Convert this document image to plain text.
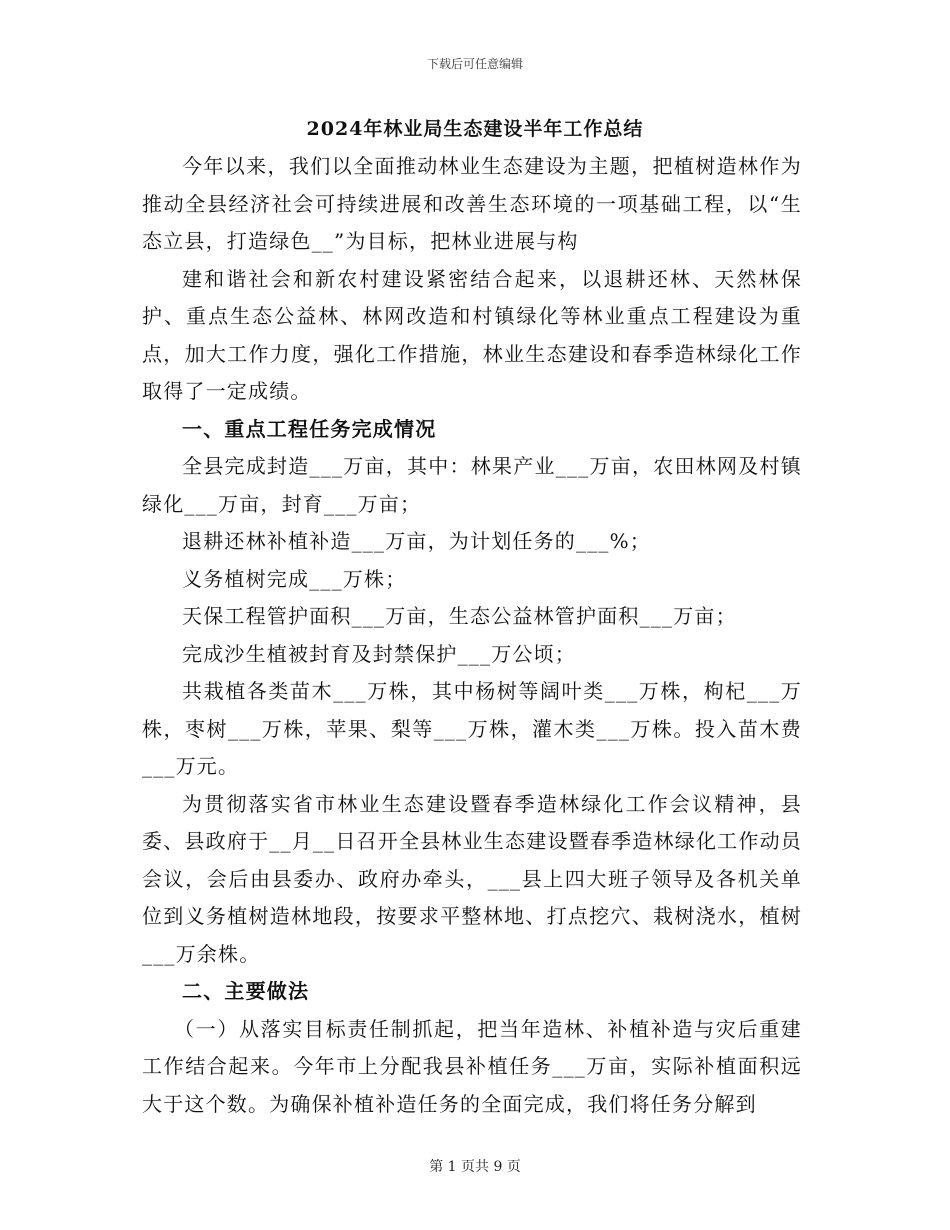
下载后可任意编辑
2024年林业局生态建设半年工作总结

今年以来，我们以全面推动林业生态建设为主题，把植树造林作为推动全县经济社会可持续进展和改善生态环境的一项基础工程，以“生态立县，打造绿色__”为目标，把林业进展与构

建和谐社会和新农村建设紧密结合起来，以退耕还林、天然林保护、重点生态公益林、林网改造和村镇绿化等林业重点工程建设为重点，加大工作力度，强化工作措施，林业生态建设和春季造林绿化工作取得了一定成绩。

一、重点工程任务完成情况

全县完成封造___万亩，其中：林果产业___万亩，农田林网及村镇绿化___万亩，封育___万亩；

退耕还林补植补造___万亩，为计划任务的___%；

义务植树完成___万株；

天保工程管护面积___万亩，生态公益林管护面积___万亩；

完成沙生植被封育及封禁保护___万公顷；

共栽植各类苗木___万株，其中杨树等阔叶类___万株，枸杞___万株，枣树___万株，苹果、梨等___万株，灌木类___万株。投入苗木费___万元。

为贯彻落实省市林业生态建设暨春季造林绿化工作会议精神，县委、县政府于__月__日召开全县林业生态建设暨春季造林绿化工作动员会议，会后由县委办、政府办牵头，___县上四大班子领导及各机关单位到义务植树造林地段，按要求平整林地、打点挖穴、栽树浇水，植树___万余株。

二、主要做法

（一）从落实目标责任制抓起，把当年造林、补植补造与灾后重建工作结合起来。今年市上分配我县补植任务___万亩，实际补植面积远大于这个数。为确保补植补造任务的全面完成，我们将任务分解到

第 1 页共 9 页
